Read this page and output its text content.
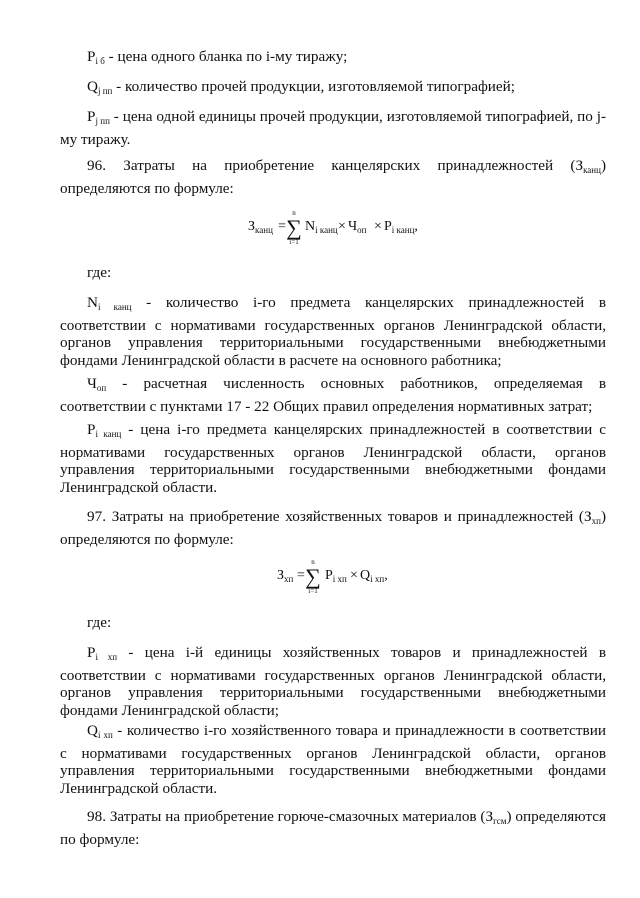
$P_{i б}$ - цена одного бланка по i-му тиражу;

$Q_{j пп}$ - количество прочей продукции, изготовляемой типографией;

$P_{j пп}$ - цена одной единицы прочей продукции, изготовляемой типографией, по j-му тиражу.

96. Затраты на приобретение канцелярских принадлежностей $(З_{канц})$ определяются по формуле:

$З_{канц}$ =
n
∑
i=1
$N_{i канц} \times Ч_{оп} \times P_{i канц}$,

где:

$N_{i канц}$ - количество i-го предмета канцелярских принадлежностей в соответствии с нормативами государственных органов Ленинградской области, органов управления территориальными государственными внебюджетными фондами Ленинградской области в расчете на основного работника;

$Ч_{оп}$ - расчетная численность основных работников, определяемая в соответствии с пунктами 17 - 22 Общих правил определения нормативных затрат;

$P_{i канц}$ - цена i-го предмета канцелярских принадлежностей в соответствии с нормативами государственных органов Ленинградской области, органов управления территориальными государственными внебюджетными фондами Ленинградской области.

97. Затраты на приобретение хозяйственных товаров и принадлежностей $(З_{хп})$ определяются по формуле:

$З_{хп}$ =
n
∑
i=1
$P_{i хп} \times Q_{i хп}$,

где:

$P_{i хп}$ - цена i-й единицы хозяйственных товаров и принадлежностей в соответствии с нормативами государственных органов Ленинградской области, органов управления территориальными государственными внебюджетными фондами Ленинградской области;

$Q_{i хп}$ - количество i-го хозяйственного товара и принадлежности в соответствии с нормативами государственных органов Ленинградской области, органов управления территориальными государственными внебюджетными фондами Ленинградской области.

98. Затраты на приобретение горюче-смазочных материалов $(З_{гсм})$ определяются по формуле:
